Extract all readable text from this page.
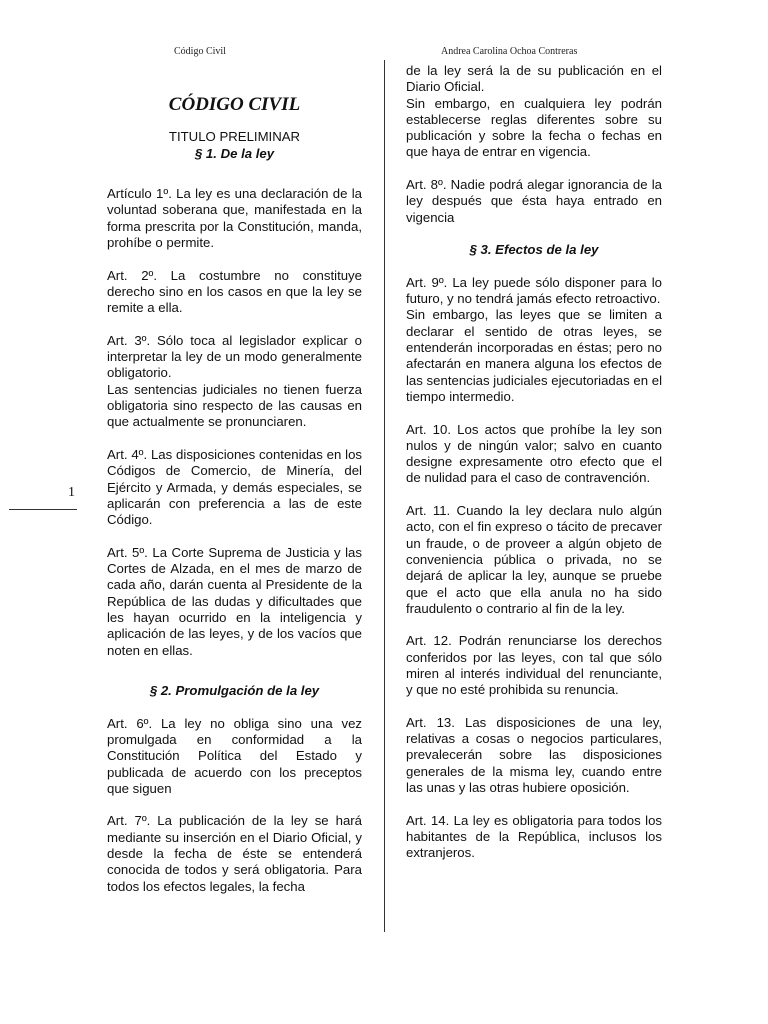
Código Civil	Andrea Carolina Ochoa Contreras
1
CÓDIGO CIVIL
TITULO PRELIMINAR
§ 1. De la ley

Artículo 1º. La ley es una declaración de la voluntad soberana que, manifestada en la forma prescrita por la Constitución, manda, prohíbe o permite.

Art. 2º. La costumbre no constituye derecho sino en los casos en que la ley se remite a ella.

Art. 3º. Sólo toca al legislador explicar o interpretar la ley de un modo generalmente obligatorio.

Las sentencias judiciales no tienen fuerza obligatoria sino respecto de las causas en que actualmente se pronunciaren.

Art. 4º. Las disposiciones contenidas en los Códigos de Comercio, de Minería, del Ejército y Armada, y demás especiales, se aplicarán con preferencia a las de este Código.

Art. 5º. La Corte Suprema de Justicia y las Cortes de Alzada, en el mes de marzo de cada año, darán cuenta al Presidente de la República de las dudas y dificultades que les hayan ocurrido en la inteligencia y aplicación de las leyes, y de los vacíos que noten en ellas.

§ 2. Promulgación de la ley

Art. 6º. La ley no obliga sino una vez promulgada en conformidad a la Constitución Política del Estado y publicada de acuerdo con los preceptos que siguen

Art. 7º. La publicación de la ley se hará mediante su inserción en el Diario Oficial, y desde la fecha de éste se entenderá conocida de todos y será obligatoria. Para todos los efectos legales, la fecha

de la ley será la de su publicación en el Diario Oficial.

Sin embargo, en cualquiera ley podrán establecerse reglas diferentes sobre su publicación y sobre la fecha o fechas en que haya de entrar en vigencia.

Art. 8º. Nadie podrá alegar ignorancia de la ley después que ésta haya entrado en vigencia

§ 3. Efectos de la ley

Art. 9º. La ley puede sólo disponer para lo futuro, y no tendrá jamás efecto retroactivo.

Sin embargo, las leyes que se limiten a declarar el sentido de otras leyes, se entenderán incorporadas en éstas; pero no afectarán en manera alguna los efectos de las sentencias judiciales ejecutoriadas en el tiempo intermedio.

Art. 10. Los actos que prohíbe la ley son nulos y de ningún valor; salvo en cuanto designe expresamente otro efecto que el de nulidad para el caso de contravención.

Art. 11. Cuando la ley declara nulo algún acto, con el fin expreso o tácito de precaver un fraude, o de proveer a algún objeto de conveniencia pública o privada, no se dejará de aplicar la ley, aunque se pruebe que el acto que ella anula no ha sido fraudulento o contrario al fin de la ley.

Art. 12. Podrán renunciarse los derechos conferidos por las leyes, con tal que sólo miren al interés individual del renunciante, y que no esté prohibida su renuncia.

Art. 13. Las disposiciones de una ley, relativas a cosas o negocios particulares, prevalecerán sobre las disposiciones generales de la misma ley, cuando entre las unas y las otras hubiere oposición.

Art. 14. La ley es obligatoria para todos los habitantes de la República, inclusos los extranjeros.
